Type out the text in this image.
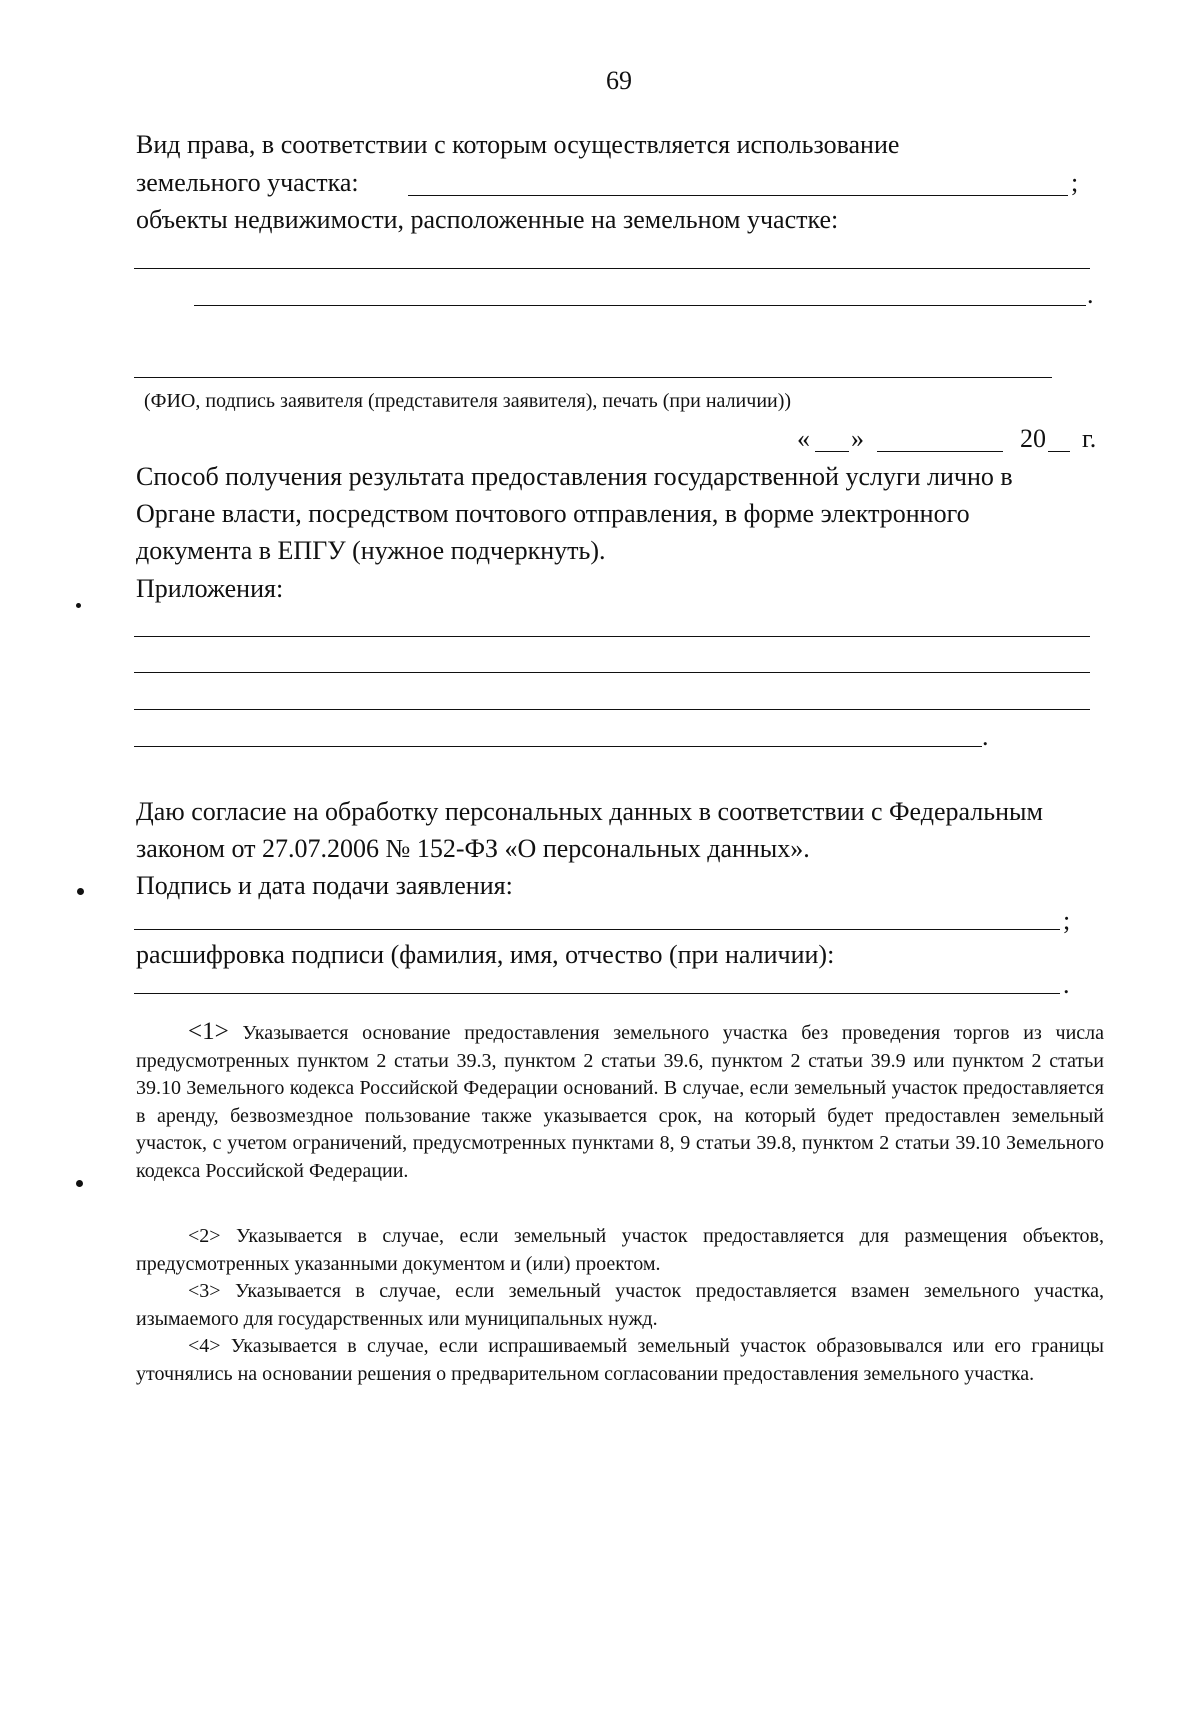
69
Вид права, в соответствии с которым осуществляется использование
земельного участка:	;
объекты недвижимости, расположенные на земельном участке:
.
(ФИО, подпись заявителя (представителя заявителя), печать (при наличии))
« »	20 г.
Способ получения результата предоставления государственной услуги лично в
Органе власти, посредством почтового отправления, в форме электронного
документа в ЕПГУ (нужное подчеркнуть).
Приложения:
.
Даю согласие на обработку персональных данных в соответствии с Федеральным
законом от 27.07.2006 № 152-ФЗ «О персональных данных».
Подпись и дата подачи заявления:
;
расшифровка подписи (фамилия, имя, отчество (при наличии):
.
<1> Указывается основание предоставления земельного участка без проведения торгов из числа предусмотренных пунктом 2 статьи 39.3, пунктом 2 статьи 39.6, пунктом 2 статьи 39.9 или пунктом 2 статьи 39.10 Земельного кодекса Российской Федерации оснований. В случае, если земельный участок предоставляется в аренду, безвозмездное пользование также указывается срок, на который будет предоставлен земельный участок, с учетом ограничений, предусмотренных пунктами 8, 9 статьи 39.8, пунктом 2 статьи 39.10 Земельного кодекса Российской Федерации.
<2> Указывается в случае, если земельный участок предоставляется для размещения объектов, предусмотренных указанными документом и (или) проектом.
<3> Указывается в случае, если земельный участок предоставляется взамен земельного участка, изымаемого для государственных или муниципальных нужд.
<4> Указывается в случае, если испрашиваемый земельный участок образовывался или его границы уточнялись на основании решения о предварительном согласовании предоставления земельного участка.
